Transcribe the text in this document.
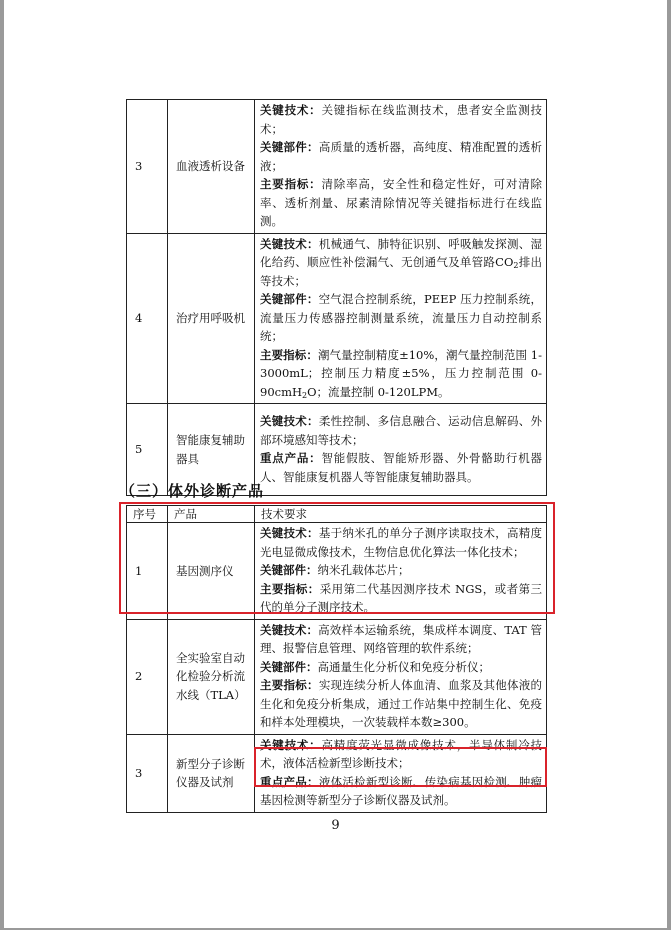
3	血液透析设备	关键技术：关键指标在线监测技术，患者安全监测技术；
关键部件：高质量的透析器，高纯度、精准配置的透析液；
主要指标：清除率高，安全性和稳定性好，可对清除率、透析剂量、尿素清除情况等关键指标进行在线监测。

4	治疗用呼吸机	关键技术：机械通气、肺特征识别、呼吸触发探测、湿化给药、顺应性补偿漏气、无创通气及单管路$CO_2$排出等技术；
关键部件：空气混合控制系统，PEEP 压力控制系统，流量压力传感器控制测量系统，流量压力自动控制系统；
主要指标：潮气量控制精度±10%，潮气量控制范围 1-3000mL；控制压力精度±5%，压力控制范围 0-90cmH$_2$O；流量控制 0-120LPM。

5	智能康复辅助器具	关键技术：柔性控制、多信息融合、运动信息解码、外部环境感知等技术；
重点产品：智能假肢、智能矫形器、外骨骼助行机器人、智能康复机器人等智能康复辅助器具。
（三）体外诊断产品
序号	产品	技术要求
1	基因测序仪	关键技术：基于纳米孔的单分子测序读取技术，高精度光电显微成像技术，生物信息优化算法一体化技术；
关键部件：纳米孔载体芯片；
主要指标：采用第二代基因测序技术 NGS，或者第三代的单分子测序技术。

2	全实验室自动化检验分析流水线（TLA）	关键技术：高效样本运输系统，集成样本调度、TAT 管理、报警信息管理、网络管理的软件系统；
关键部件：高通量生化分析仪和免疫分析仪；
主要指标：实现连续分析人体血清、血浆及其他体液的生化和免疫分析集成，通过工作站集中控制生化、免疫和样本处理模块，一次装载样本数≥300。

3	新型分子诊断仪器及试剂	关键技术：高精度荧光显微成像技术，半导体制冷技术，液体活检新型诊断技术；
重点产品：液体活检新型诊断、传染病基因检测、肿瘤基因检测等新型分子诊断仪器及试剂。
9
